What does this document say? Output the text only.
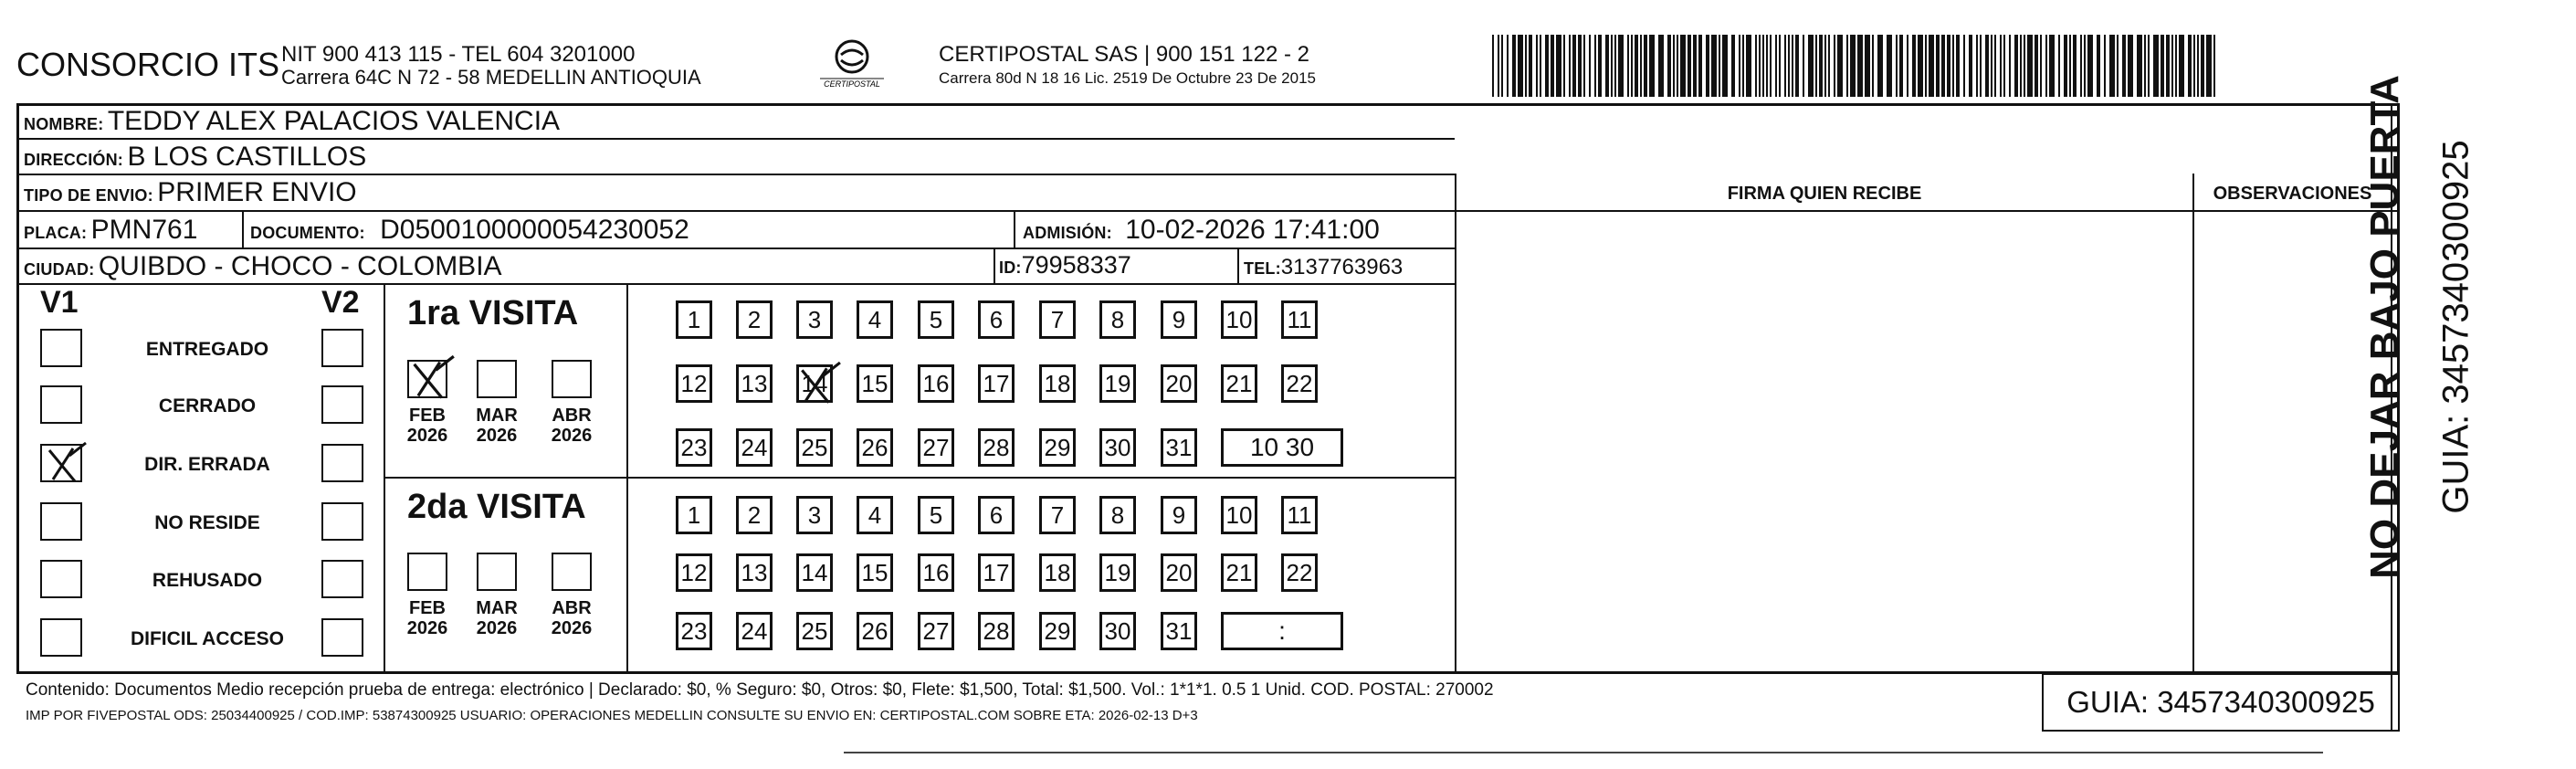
CONSORCIO ITS NIT 900 413 115 - TEL 604 3201000
Carrera 64C N 72 - 58 MEDELLIN ANTIOQUIA	CERTIPOSTAL
CERTIPOSTAL SAS | 900 151 122 - 2
Carrera 80d N 18 16 Lic. 2519 De Octubre 23 De 2015
NOMBRE: TEDDY ALEX PALACIOS VALENCIA
DIRECCIÓN: B LOS CASTILLOS
TIPO DE ENVIO: PRIMER ENVIO
PLACA: PMN761	DOCUMENTO: D0500100000054230052	ADMISIÓN: 10-02-2026 17:41:00
CIUDAD: QUIBDO - CHOCO - COLOMBIA	ID:79958337	TEL:3137763963
FIRMA QUIEN RECIBE	OBSERVACIONES
V1	V2 1ra VISITA
2da VISITA
Contenido: Documentos Medio recepción prueba de entrega: electrónico | Declarado: $0, % Seguro: $0, Otros: $0, Flete: $1,500, Total: $1,500. Vol.: 1*1*1. 0.5 1 Unid. COD. POSTAL: 270002
IMP POR FIVEPOSTAL ODS: 25034400925 / COD.IMP: 53874300925 USUARIO: OPERACIONES MEDELLIN CONSULTE SU ENVIO EN: CERTIPOSTAL.COM SOBRE ETA: 2026-02-13 D+3	GUIA: 3457340300925
NO DEJAR BAJO PUERTA GUIA: 3457340300925
ENTREGADO
CERRADO
DIR. ERRADA
NO RESIDE
REHUSADO
DIFICIL ACCESO
FEB
2026
MAR
2026
ABR
2026
FEB
2026
MAR
2026
ABR
2026
1	2	3	4	5	6	7	8	9	10 11
12 13 14 15 16 17 18 19 20 21 22
23 24 25 26 27 28 29 30 31	10 30
1	2	3	4	5	6	7	8	9	10 11
12 13 14 15 16 17 18 19 20 21 22
23 24 25 26 27 28 29 30 31	:
